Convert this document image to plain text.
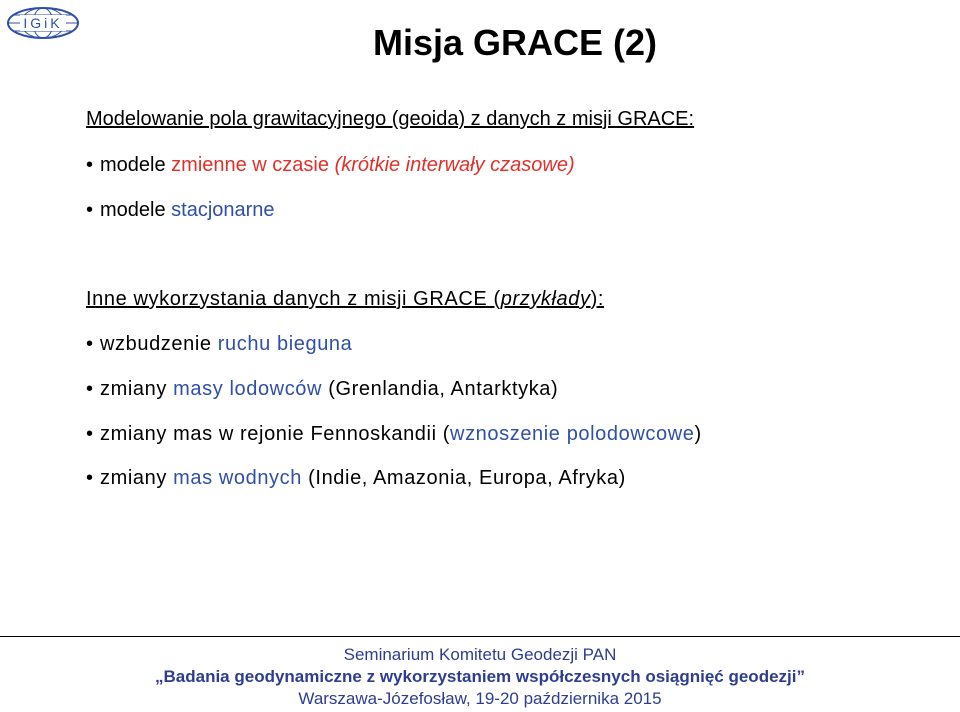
IGiK	Misja GRACE (2)
Modelowanie pola grawitacyjnego (geoida) z danych z misji GRACE:
• modele zmienne w czasie (krótkie interwały czasowe)
• modele stacjonarne
Inne wykorzystania danych z misji GRACE (przykłady):
• wzbudzenie ruchu bieguna
• zmiany masy lodowców (Grenlandia, Antarktyka)
• zmiany mas w rejonie Fennoskandii (wznoszenie polodowcowe)
• zmiany mas wodnych (Indie, Amazonia, Europa, Afryka)
Seminarium Komitetu Geodezji PAN
„Badania geodynamiczne z wykorzystaniem współczesnych osiągnięć geodezji”
Warszawa-Józefosław, 19-20 października 2015
